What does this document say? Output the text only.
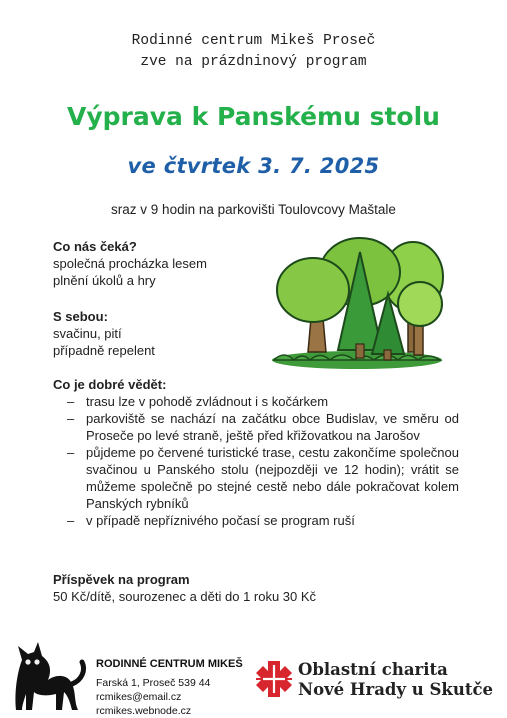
Rodinné centrum Mikeš Proseč
zve na prázdninový program
Výprava k Panskému stolu
ve čtvrtek 3. 7. 2025
sraz v 9 hodin na parkovišti Toulovcovy Maštale
Co nás čeká?
společná procházka lesem
plnění úkolů a hry
S sebou:
svačinu, pití
případně repelent
Co je dobré vědět:
– trasu lze v pohodě zvládnout i s kočárkem
– parkoviště se nachází na začátku obce Budislav, ve směru od Proseče po levé straně, ještě před křižovatkou na Jarošov
– půjdeme po červené turistické trase, cestu zakončíme společnou svačinou u Panského stolu (nejpozději ve 12 hodin); vrátit se můžeme společně po stejné cestě nebo dále pokračovat kolem Panských rybníků
– v případě nepříznivého počasí se program ruší
Příspěvek na program
50 Kč/dítě, sourozenec a děti do 1 roku 30 Kč
RODINNÉ CENTRUM MIKEŠ
Farská 1, Proseč 539 44
rcmikes@email.cz
rcmikes.webnode.cz
Oblastní charita
Nové Hrady u Skutče
